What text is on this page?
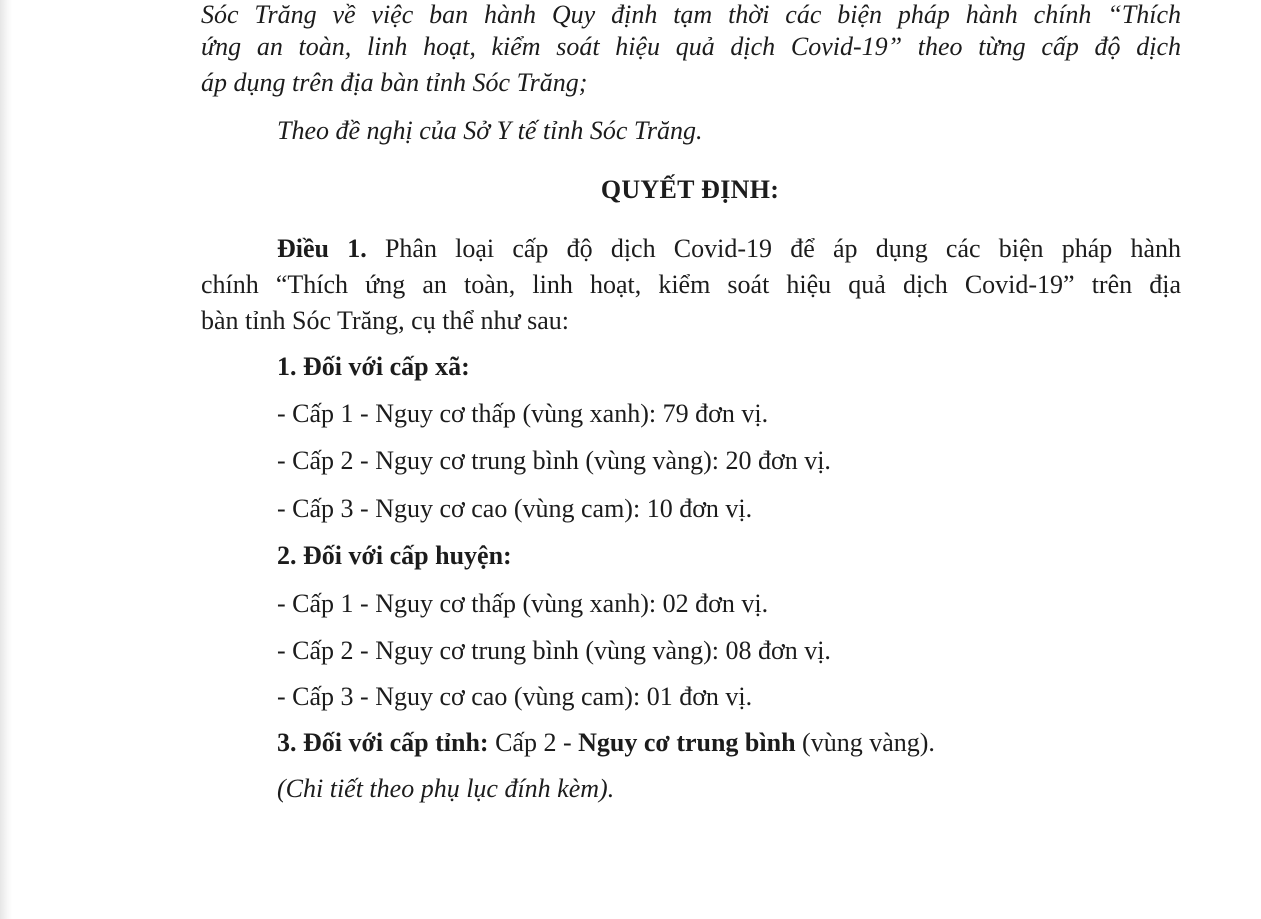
Sóc Trăng về việc ban hành Quy định tạm thời các biện pháp hành chính “Thích
ứng an toàn, linh hoạt, kiểm soát hiệu quả dịch Covid-19” theo từng cấp độ dịch
áp dụng trên địa bàn tỉnh Sóc Trăng;
Theo đề nghị của Sở Y tế tỉnh Sóc Trăng.
QUYẾT ĐỊNH:
Điều 1. Phân loại cấp độ dịch Covid-19 để áp dụng các biện pháp hành
chính “Thích ứng an toàn, linh hoạt, kiểm soát hiệu quả dịch Covid-19” trên địa
bàn tỉnh Sóc Trăng, cụ thể như sau:
1. Đối với cấp xã:
- Cấp 1 - Nguy cơ thấp (vùng xanh): 79 đơn vị.
- Cấp 2 - Nguy cơ trung bình (vùng vàng): 20 đơn vị.
- Cấp 3 - Nguy cơ cao (vùng cam): 10 đơn vị.
2. Đối với cấp huyện:
- Cấp 1 - Nguy cơ thấp (vùng xanh): 02 đơn vị.
- Cấp 2 - Nguy cơ trung bình (vùng vàng): 08 đơn vị.
- Cấp 3 - Nguy cơ cao (vùng cam): 01 đơn vị.
3. Đối với cấp tỉnh: Cấp 2 - Nguy cơ trung bình (vùng vàng).
(Chi tiết theo phụ lục đính kèm).
